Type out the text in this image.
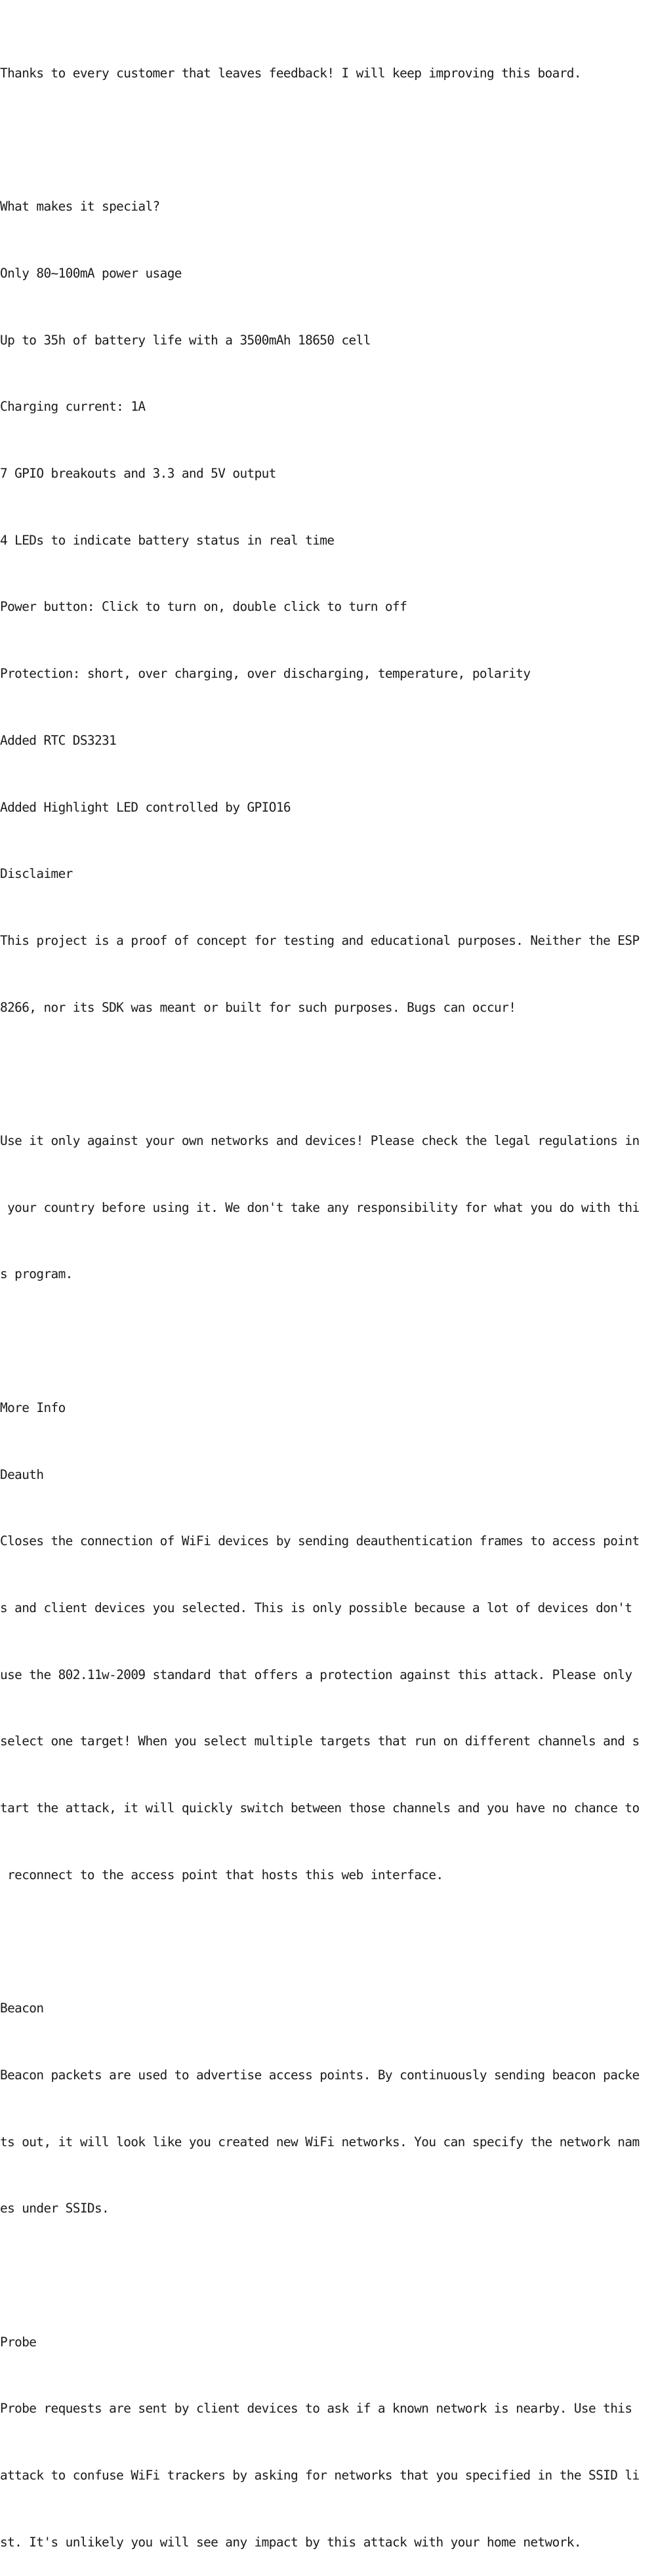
Thanks to every customer that leaves feedback! I will keep improving this board.

What makes it special?

Only 80~100mA power usage

Up to 35h of battery life with a 3500mAh 18650 cell

Charging current: 1A

7 GPIO breakouts and 3.3 and 5V output

4 LEDs to indicate battery status in real time

Power button: Click to turn on, double click to turn off

Protection: short, over charging, over discharging, temperature, polarity

Added RTC DS3231

Added Highlight LED controlled by GPIO16

Disclaimer

This project is a proof of concept for testing and educational purposes. Neither the ESP

8266, nor its SDK was meant or built for such purposes. Bugs can occur!

Use it only against your own networks and devices! Please check the legal regulations in

your country before using it. We don't take any responsibility for what you do with thi

s program.

More Info

Deauth

Closes the connection of WiFi devices by sending deauthentication frames to access point

s and client devices you selected. This is only possible because a lot of devices don't

use the 802.11w-2009 standard that offers a protection against this attack. Please only

select one target! When you select multiple targets that run on different channels and s

tart the attack, it will quickly switch between those channels and you have no chance to

reconnect to the access point that hosts this web interface.

Beacon

Beacon packets are used to advertise access points. By continuously sending beacon packe

ts out, it will look like you created new WiFi networks. You can specify the network nam

es under SSIDs.

Probe

Probe requests are sent by client devices to ask if a known network is nearby. Use this

attack to confuse WiFi trackers by asking for networks that you specified in the SSID li

st. It's unlikely you will see any impact by this attack with your home network.
